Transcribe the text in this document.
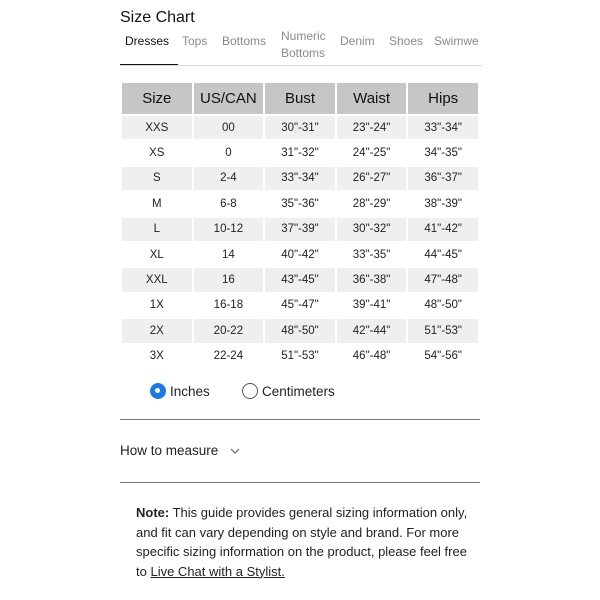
Size Chart
Dresses Tops Bottoms Numeric
Bottoms
Denim Shoes Swimwe
Size	US/CAN	Bust	Waist	Hips
XXS	00	30"-31"	23"-24"	33"-34"
XS	0	31"-32"	24"-25"	34"-35"
S	2-4	33"-34"	26"-27"	36"-37"
M	6-8	35"-36"	28"-29"	38"-39"
L	10-12	37"-39"	30"-32"	41"-42"
XL	14	40"-42"	33"-35"	44"-45"
XXL	16	43"-45"	36"-38"	47"-48"
1X	16-18	45"-47"	39"-41"	48"-50"
2X	20-22	48"-50"	42"-44"	51"-53"
3X	22-24	51"-53"	46"-48"	54"-56"
Inches	Centimeters
How to measure
Note: This guide provides general sizing information only, and fit can vary depending on style and brand. For more specific sizing information on the product, please feel free to Live Chat with a Stylist.
